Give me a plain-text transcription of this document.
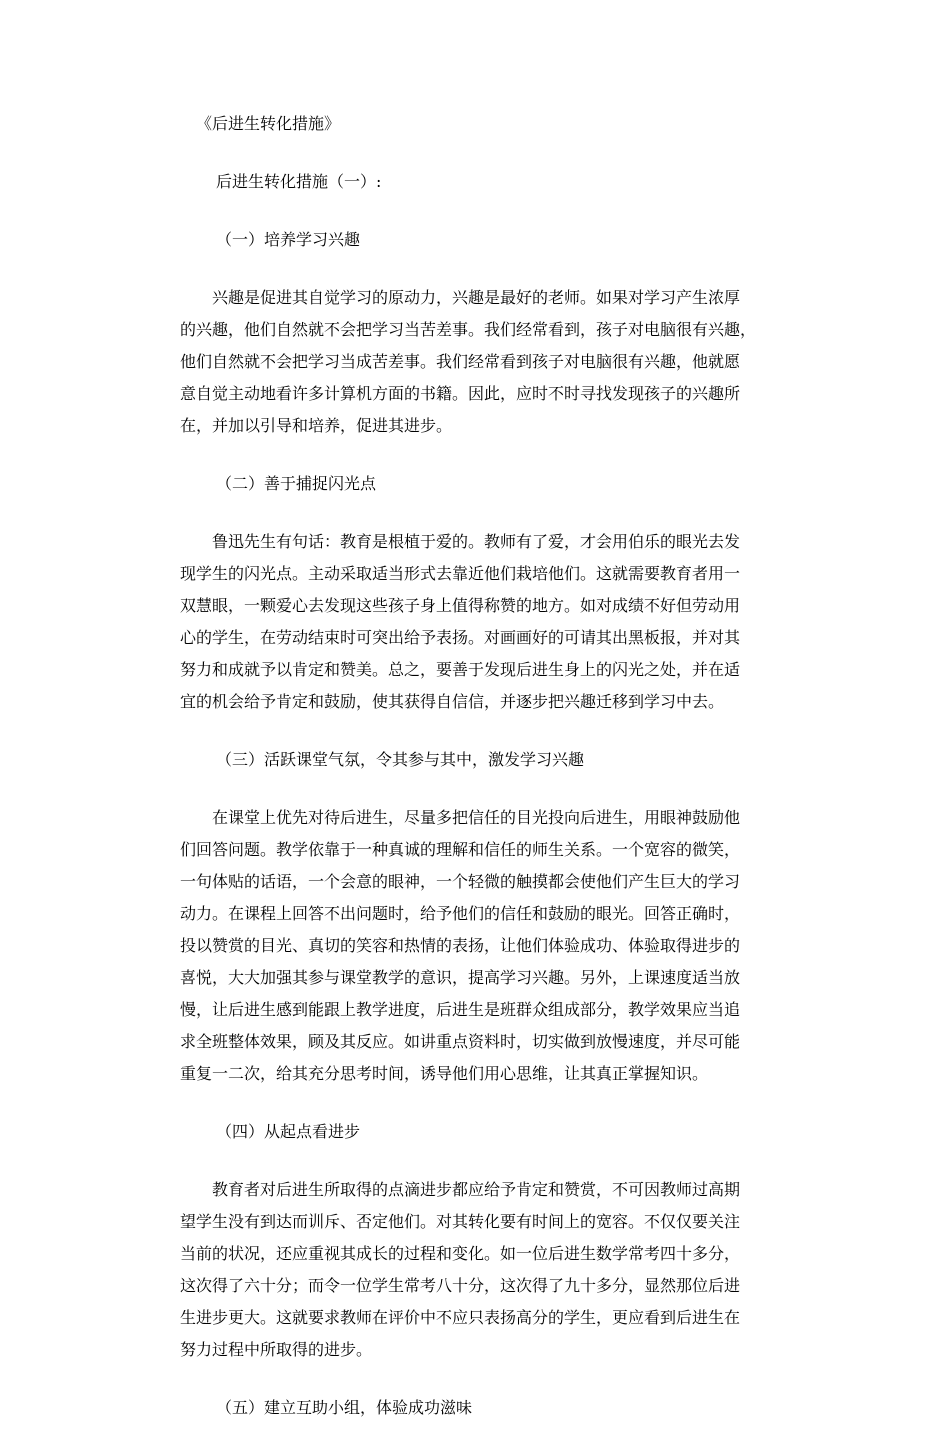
《后进生转化措施》

后进生转化措施（一）:

（一）培养学习兴趣

兴趣是促进其自觉学习的原动力，兴趣是最好的老师。如果对学习产生浓厚

的兴趣，他们自然就不会把学习当苦差事。我们经常看到，孩子对电脑很有兴趣，

他们自然就不会把学习当成苦差事。我们经常看到孩子对电脑很有兴趣，他就愿

意自觉主动地看许多计算机方面的书籍。因此，应时不时寻找发现孩子的兴趣所

在，并加以引导和培养，促进其进步。

（二）善于捕捉闪光点

鲁迅先生有句话：教育是根植于爱的。教师有了爱，才会用伯乐的眼光去发

现学生的闪光点。主动采取适当形式去靠近他们栽培他们。这就需要教育者用一

双慧眼，一颗爱心去发现这些孩子身上值得称赞的地方。如对成绩不好但劳动用

心的学生，在劳动结束时可突出给予表扬。对画画好的可请其出黑板报，并对其

努力和成就予以肯定和赞美。总之，要善于发现后进生身上的闪光之处，并在适

宜的机会给予肯定和鼓励，使其获得自信信，并逐步把兴趣迁移到学习中去。

（三）活跃课堂气氛，令其参与其中，激发学习兴趣

在课堂上优先对待后进生，尽量多把信任的目光投向后进生，用眼神鼓励他

们回答问题。教学依靠于一种真诚的理解和信任的师生关系。一个宽容的微笑，

一句体贴的话语，一个会意的眼神，一个轻微的触摸都会使他们产生巨大的学习

动力。在课程上回答不出问题时，给予他们的信任和鼓励的眼光。回答正确时，

投以赞赏的目光、真切的笑容和热情的表扬，让他们体验成功、体验取得进步的

喜悦，大大加强其参与课堂教学的意识，提高学习兴趣。另外，上课速度适当放

慢，让后进生感到能跟上教学进度，后进生是班群众组成部分，教学效果应当追

求全班整体效果，顾及其反应。如讲重点资料时，切实做到放慢速度，并尽可能

重复一二次，给其充分思考时间，诱导他们用心思维，让其真正掌握知识。

（四）从起点看进步

教育者对后进生所取得的点滴进步都应给予肯定和赞赏，不可因教师过高期

望学生没有到达而训斥、否定他们。对其转化要有时间上的宽容。不仅仅要关注

当前的状况，还应重视其成长的过程和变化。如一位后进生数学常考四十多分，

这次得了六十分；而令一位学生常考八十分，这次得了九十多分，显然那位后进

生进步更大。这就要求教师在评价中不应只表扬高分的学生，更应看到后进生在

努力过程中所取得的进步。

（五）建立互助小组，体验成功滋味
